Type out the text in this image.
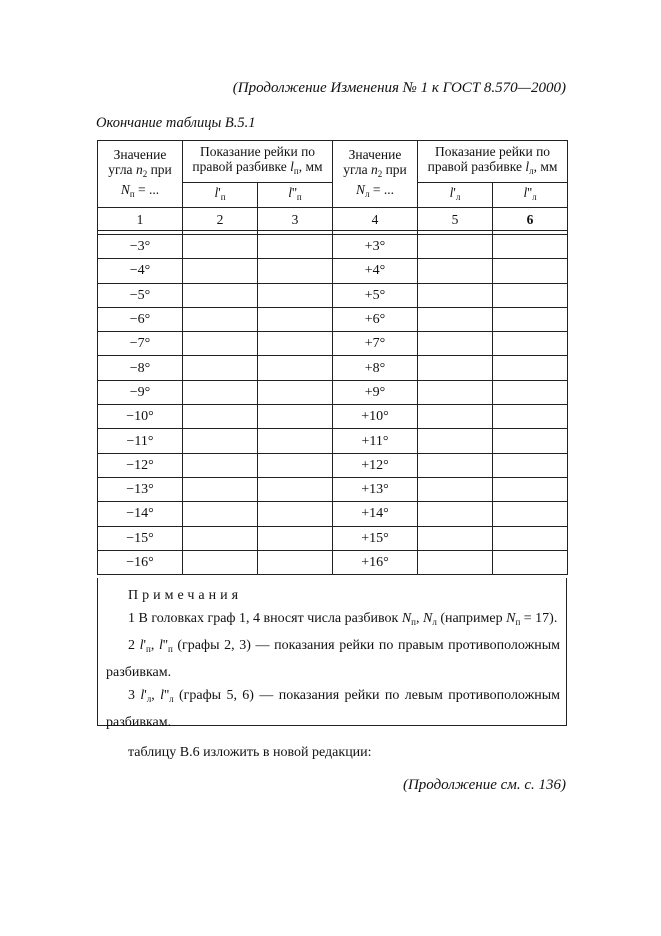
(Продолжение Изменения № 1 к ГОСТ 8.570—2000)
Окончание таблицы В.5.1
Значение
угла $n_2$ при
$N_п$ = ...	Показание рейки по
правой разбивке $l_п$, мм		Значение
угла $n_2$ при
$N_л$ = ...	Показание рейки по
правой разбивке $l_л$, мм	
	$l'_п$	$l''_п$		$l'_л$	$l''_л$
1	2	3	4	5	6

−3°			+3°		
−4°			+4°		
−5°			+5°		
−6°			+6°		
−7°			+7°		
−8°			+8°		
−9°			+9°		
−10°			+10°		
−11°			+11°		
−12°			+12°		
−13°			+13°		
−14°			+14°		
−15°			+15°		
−16°			+16°		
Примечания
1 В головках граф 1, 4 вносят числа разбивок $N_п$, $N_л$ (например $N_п = 17$).
2 $l'_п$, $l''_п$ (графы 2, 3) — показания рейки по правым противоположным разбивкам.
3 $l'_л$, $l''_л$ (графы 5, 6) — показания рейки по левым противоположным разбивкам.
таблицу В.6 изложить в новой редакции:
(Продолжение см. с. 136)
